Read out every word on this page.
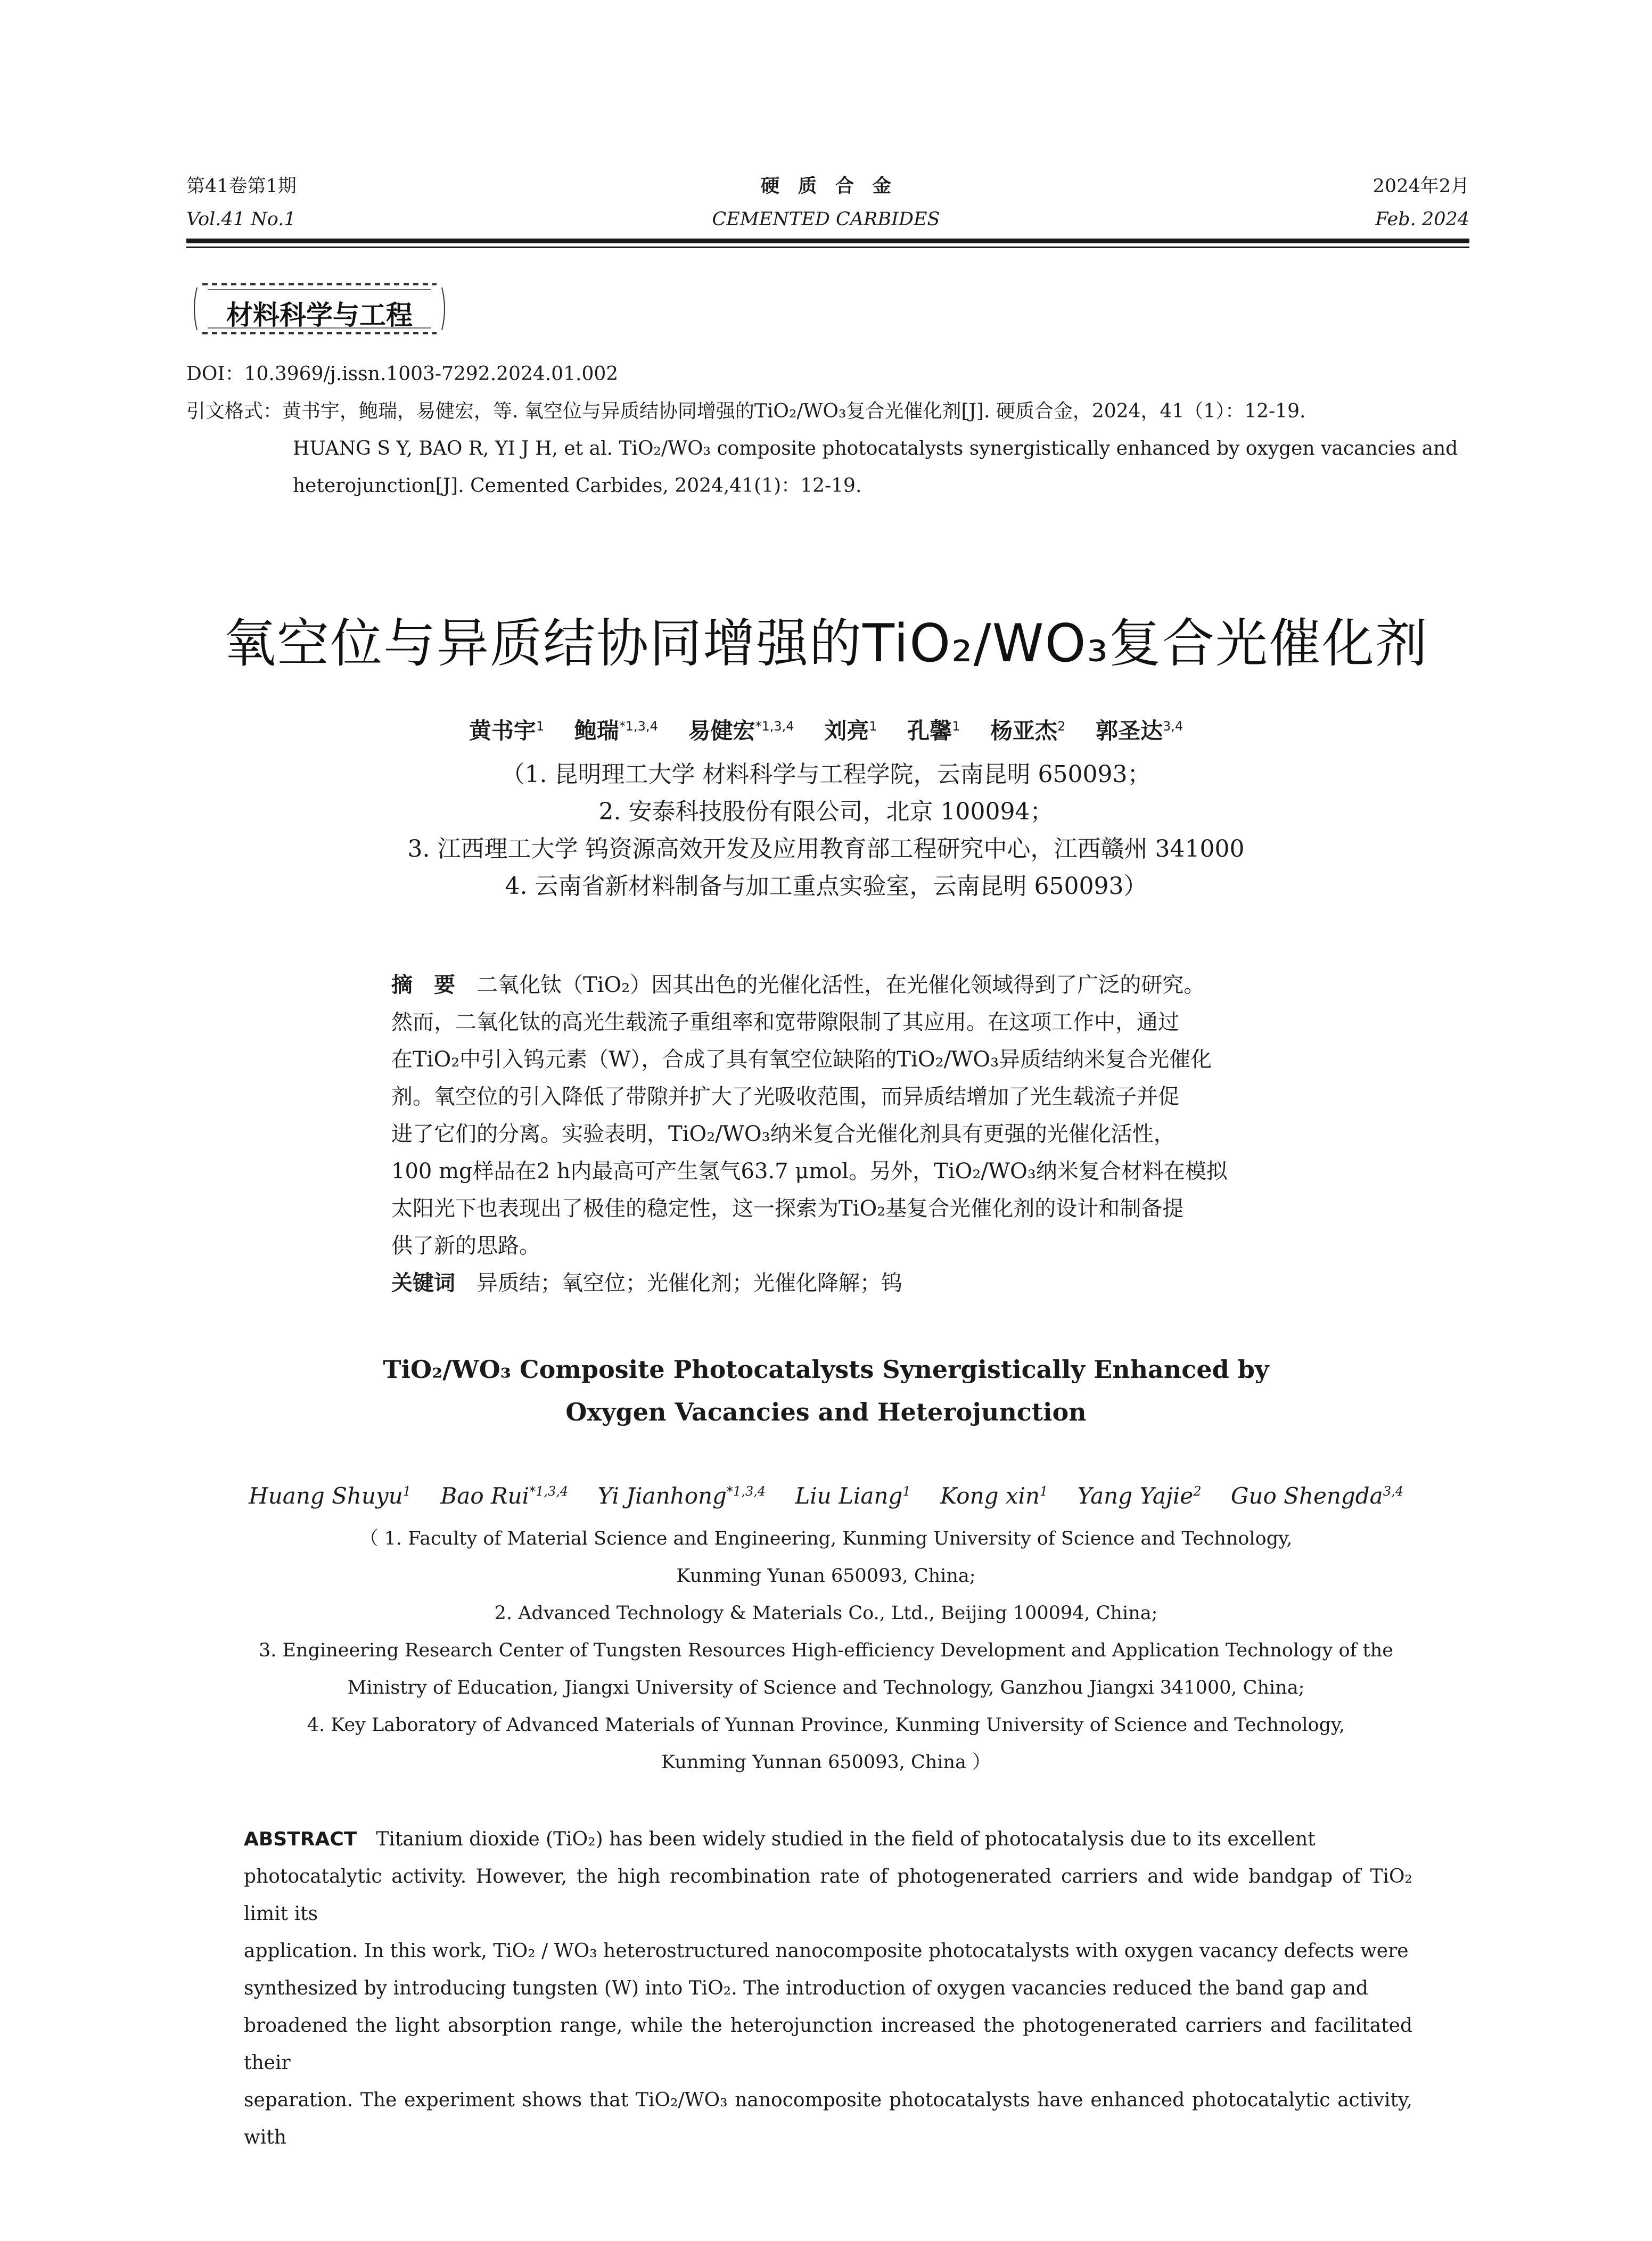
第41卷第1期
Vol.41 No.1
硬　质　合　金
CEMENTED CARBIDES
2024年2月
Feb. 2024
材料科学与工程
DOI：10.3969/j.issn.1003-7292.2024.01.002
引文格式：黄书宇，鲍瑞，易健宏，等. 氧空位与异质结协同增强的TiO₂/WO₃复合光催化剂[J]. 硬质合金，2024，41（1）：12-19.
HUANG S Y, BAO R, YI J H, et al. TiO₂/WO₃ composite photocatalysts synergistically enhanced by oxygen vacancies and
heterojunction[J]. Cemented Carbides, 2024,41(1)：12-19.
氧空位与异质结协同增强的TiO₂/WO₃复合光催化剂
黄书宇$^1$　 鲍瑞$^{*1,3,4}$　 易健宏$^{*1,3,4}$　 刘亮$^1$　 孔馨$^1$　 杨亚杰$^2$　 郭圣达$^{3,4}$
（1. 昆明理工大学 材料科学与工程学院，云南昆明 650093；
2. 安泰科技股份有限公司，北京 100094；
3. 江西理工大学 钨资源高效开发及应用教育部工程研究中心，江西赣州 341000
4. 云南省新材料制备与加工重点实验室，云南昆明 650093）
摘　要　 二氧化钛（TiO₂）因其出色的光催化活性，在光催化领域得到了广泛的研究。
然而，二氧化钛的高光生载流子重组率和宽带隙限制了其应用。在这项工作中，通过
在TiO₂中引入钨元素（W），合成了具有氧空位缺陷的TiO₂/WO₃异质结纳米复合光催化
剂。氧空位的引入降低了带隙并扩大了光吸收范围，而异质结增加了光生载流子并促
进了它们的分离。实验表明，TiO₂/WO₃纳米复合光催化剂具有更强的光催化活性，
100 mg样品在2 h内最高可产生氢气63.7 μmol。另外，TiO₂/WO₃纳米复合材料在模拟
太阳光下也表现出了极佳的稳定性，这一探索为TiO₂基复合光催化剂的设计和制备提
供了新的思路。
关键词　 异质结；氧空位；光催化剂；光催化降解；钨
TiO₂/WO₃ Composite Photocatalysts Synergistically Enhanced by
Oxygen Vacancies and Heterojunction
Huang Shuyu$^1$  Bao Rui$^{*1,3,4}$  Yi Jianhong$^{*1,3,4}$  Liu Liang$^1$  Kong xin$^1$  Yang Yajie$^2$  Guo Shengda$^{3,4}$
（ 1. Faculty of Material Science and Engineering, Kunming University of Science and Technology,
Kunming Yunan 650093, China;
2. Advanced Technology & Materials Co., Ltd., Beijing 100094, China;
3. Engineering Research Center of Tungsten Resources High-efficiency Development and Application Technology of the
Ministry of Education, Jiangxi University of Science and Technology, Ganzhou Jiangxi 341000, China;
4. Key Laboratory of Advanced Materials of Yunnan Province, Kunming University of Science and Technology,
Kunming Yunnan 650093, China ）
ABSTRACT  Titanium dioxide (TiO₂) has been widely studied in the field of photocatalysis due to its excellent
photocatalytic activity. However, the high recombination rate of photogenerated carriers and wide bandgap of TiO₂ limit its
application. In this work, TiO₂ / WO₃ heterostructured nanocomposite photocatalysts with oxygen vacancy defects were
synthesized by introducing tungsten (W) into TiO₂. The introduction of oxygen vacancies reduced the band gap and
broadened the light absorption range, while the heterojunction increased the photogenerated carriers and facilitated their
separation. The experiment shows that TiO₂/WO₃ nanocomposite photocatalysts have enhanced photocatalytic activity, with
